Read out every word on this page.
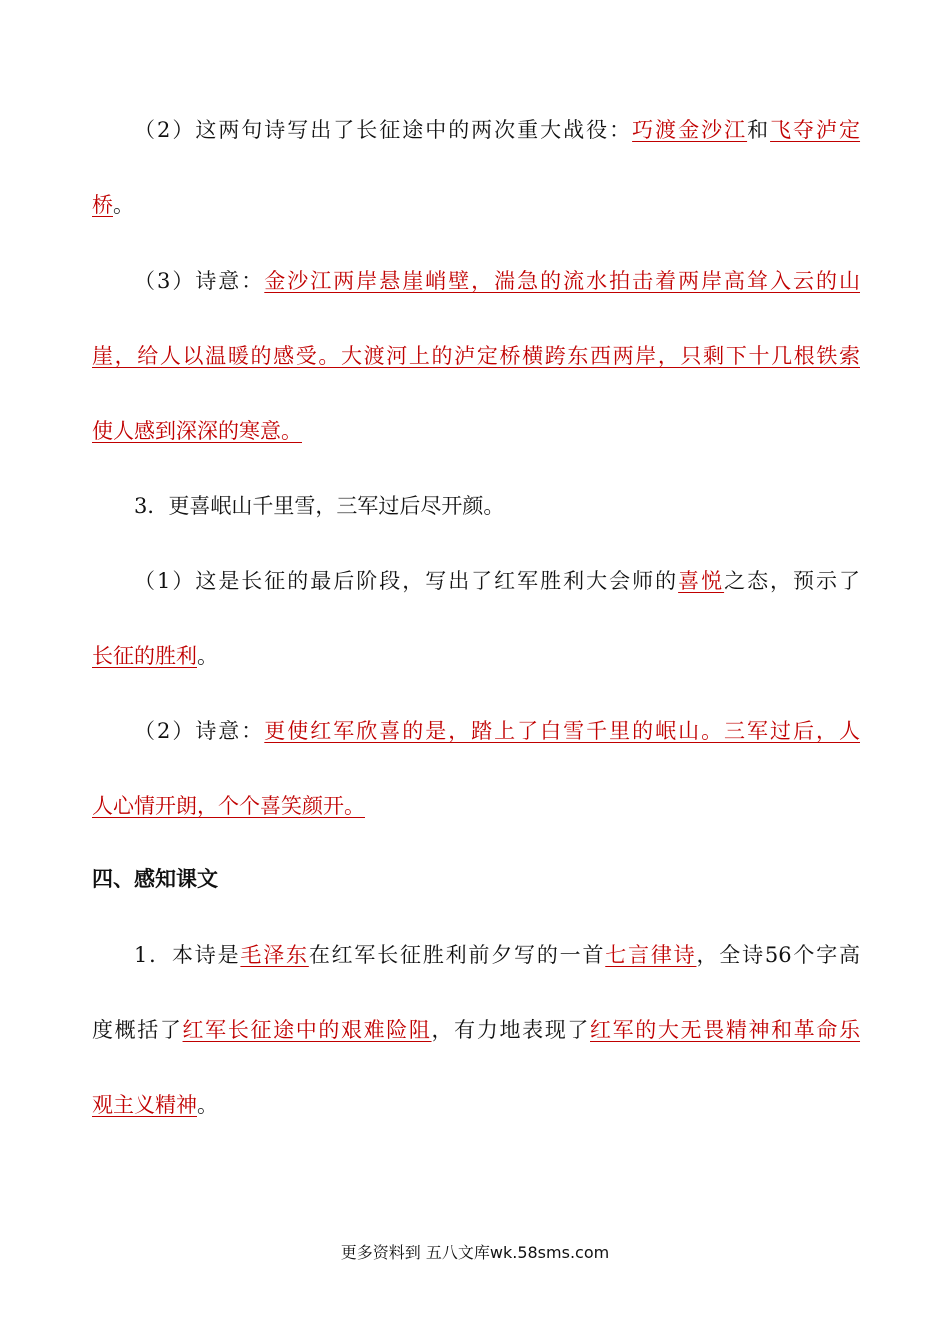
（2）这两句诗写出了长征途中的两次重大战役：巧渡金沙江和飞夺泸定
桥。
（3）诗意：金沙江两岸悬崖峭壁，湍急的流水拍击着两岸高耸入云的山
崖，给人以温暖的感受。大渡河上的泸定桥横跨东西两岸，只剩下十几根铁索
使人感到深深的寒意。
3．更喜岷山千里雪，三军过后尽开颜。
（1）这是长征的最后阶段，写出了红军胜利大会师的喜悦之态，预示了
长征的胜利。
（2）诗意：更使红军欣喜的是，踏上了白雪千里的岷山。三军过后，人
人心情开朗，个个喜笑颜开。
四、感知课文
1．本诗是毛泽东在红军长征胜利前夕写的一首七言律诗，全诗56个字高
度概括了红军长征途中的艰难险阻，有力地表现了红军的大无畏精神和革命乐
观主义精神。
更多资料到 五八文库wk.58sms.com
